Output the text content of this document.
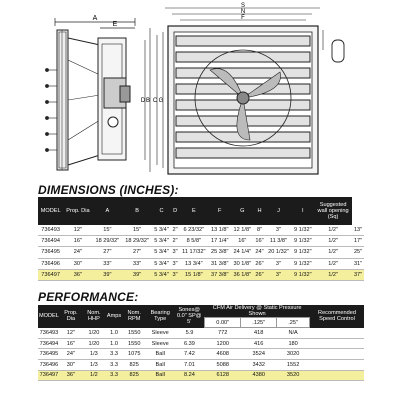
A
E
S
N
F
B C G
D
DIMENSIONS (INCHES):
MODEL	Prop. Dia	A	B	C	D	E	F	G	H	J	I	Suggested wall opening (Sq)	
736493	12"	15"	15"	5 3/4"	2"	6 23/32"	13 1/8"	12 1/8"	8"	3"	9 1/32"	1/2"	13"
736494	16"	18 29/32"	18 29/32"	5 3/4"	2"	8 5/8"	17 1/4"	16"	16"	11 3/8"	9 1/32"	1/2"	17"
736495	24"	27"	27"	5 3/4"	3"	11 17/32"	25 3/8"	24 1/4"	24"	20 1/32"	9 1/32"	1/2"	25"
736496	30"	33"	33"	5 3/4"	3"	13 3/4"	31 3/8"	30 1/8"	26"	3"	9 1/32"	1/2"	31"
736497	36"	39"	39"	5 3/4"	3"	15 1/8"	37 3/8"	36 1/8"	26"	3"	9 1/32"	1/2"	37"
PERFORMANCE:
MODEL	Prop. Dia	Nom. HHP	Amps	Nom. RPM	Bearing Type	Sones@ 0.0" SP@ 5'	CFM Air Delivery @ Static Pressure Shown			Recommended Speed Control
							0.00"	.125"	.25"	
736493	12"	1/20	1.0	1550	Sleeve	5.9	772	418	N/A	
736494	16"	1/20	1.0	1550	Sleeve	6.39	1200	416	180	
736495	24"	1/3	3.3	1075	Ball	7.42	4608	3524	3020	
736496	30"	1/3	3.3	825	Ball	7.01	5088	3432	1552	
736497	36"	1/2	3.3	825	Ball	8.24	6128	4380	3520	
